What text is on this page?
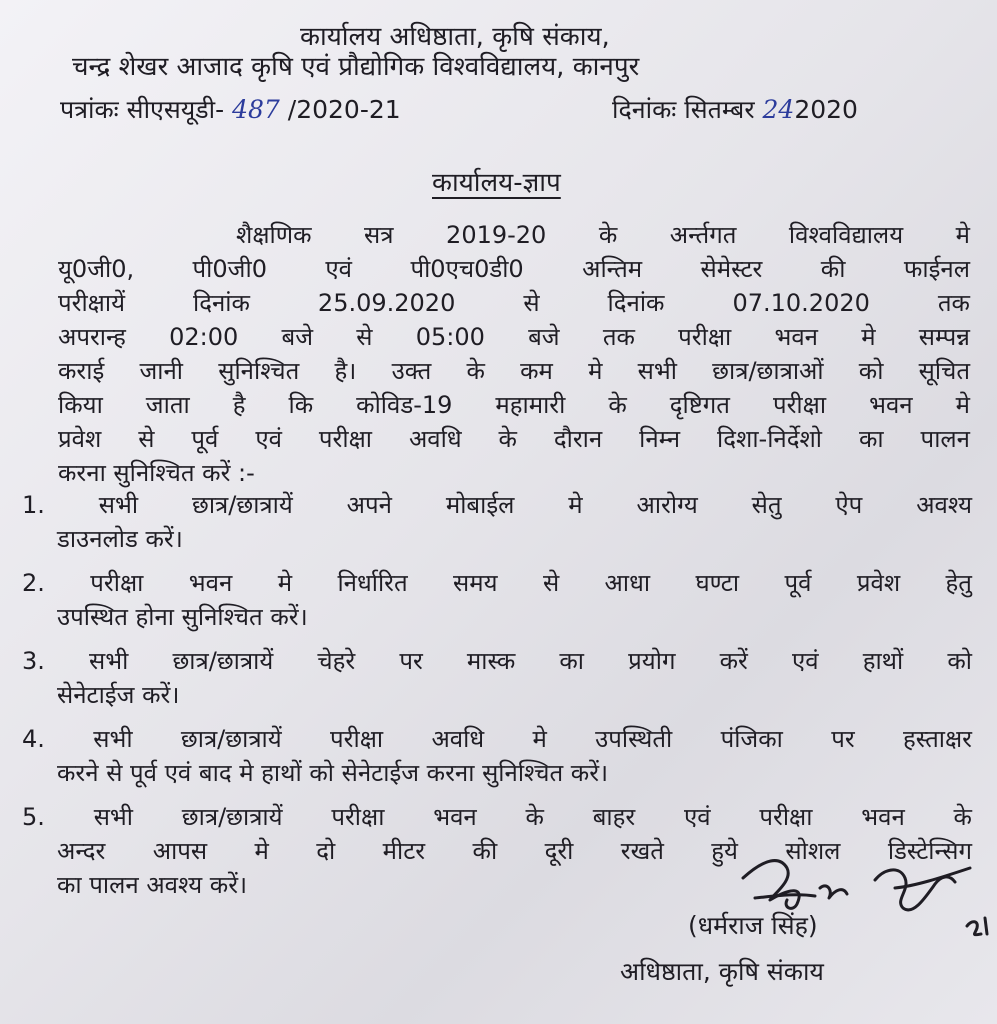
कार्यालय अधिष्ठाता, कृषि संकाय,
चन्द्र शेखर आजाद कृषि एवं प्रौद्योगिक विश्वविद्यालय, कानपुर
पत्रांकः सीएसयूडी- 487 /2020-21	दिनांकः सितम्बर 242020
कार्यालय-ज्ञाप
शैक्षणिक सत्र 2019-20 के अर्न्तगत विश्वविद्यालय मे
यू0जी0, पी0जी0 एवं पी0एच0डी0 अन्तिम सेमेस्टर की फाईनल
परीक्षायें दिनांक 25.09.2020 से दिनांक 07.10.2020 तक
अपरान्ह 02:00 बजे से 05:00 बजे तक परीक्षा भवन मे सम्पन्न
कराई जानी सुनिश्चित है। उक्त के कम मे सभी छात्र/छात्राओं को सूचित
किया जाता है कि कोविड-19 महामारी के दृष्टिगत परीक्षा भवन मे
प्रवेश से पूर्व एवं परीक्षा अवधि के दौरान निम्न दिशा-निर्देशो का पालन
करना सुनिश्चित करें :-
1. सभी छात्र/छात्रायें अपने मोबाईल मे आरोग्य सेतु ऐप अवश्य
डाउनलोड करें।
2. परीक्षा भवन मे निर्धारित समय से आधा घण्टा पूर्व प्रवेश हेतु
उपस्थित होना सुनिश्चित करें।
3. सभी छात्र/छात्रायें चेहरे पर मास्क का प्रयोग करें एवं हाथों को
सेनेटाईज करें।
4. सभी छात्र/छात्रायें परीक्षा अवधि मे उपस्थिती पंजिका पर हस्ताक्षर
करने से पूर्व एवं बाद मे हाथों को सेनेटाईज करना सुनिश्चित करें।
5. सभी छात्र/छात्रायें परीक्षा भवन के बाहर एवं परीक्षा भवन के
अन्दर आपस मे दो मीटर की दूरी रखते हुये सोशल डिस्टेन्सिग
का पालन अवश्य करें।
(धर्मराज सिंह)
अधिष्ठाता, कृषि संकाय
